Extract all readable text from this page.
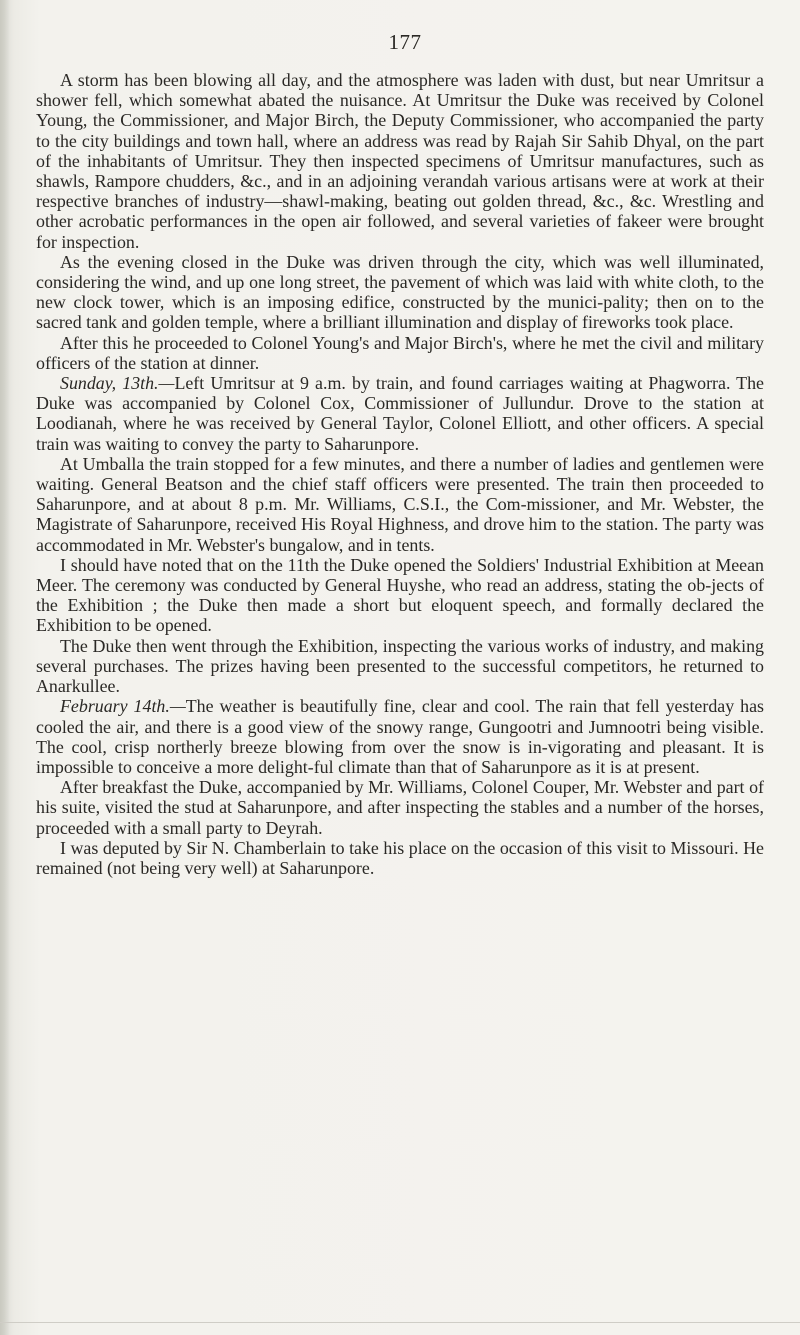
177

A storm has been blowing all day, and the atmosphere was laden with dust, but near Umritsur a shower fell, which somewhat abated the nuisance. At Umritsur the Duke was received by Colonel Young, the Commissioner, and Major Birch, the Deputy Commissioner, who accompanied the party to the city buildings and town hall, where an address was read by Rajah Sir Sahib Dhyal, on the part of the inhabitants of Umritsur. They then inspected specimens of Umritsur manufactures, such as shawls, Rampore chudders, &c., and in an adjoining verandah various artisans were at work at their respective branches of industry—shawl-making, beating out golden thread, &c., &c. Wrestling and other acrobatic performances in the open air followed, and several varieties of fakeer were brought for inspection.

As the evening closed in the Duke was driven through the city, which was well illuminated, considering the wind, and up one long street, the pavement of which was laid with white cloth, to the new clock tower, which is an imposing edifice, constructed by the munici-pality; then on to the sacred tank and golden temple, where a brilliant illumination and display of fireworks took place.

After this he proceeded to Colonel Young's and Major Birch's, where he met the civil and military officers of the station at dinner.

Sunday, 13th.—Left Umritsur at 9 a.m. by train, and found carriages waiting at Phagworra. The Duke was accompanied by Colonel Cox, Commissioner of Jullundur. Drove to the station at Loodianah, where he was received by General Taylor, Colonel Elliott, and other officers. A special train was waiting to convey the party to Saharunpore.

At Umballa the train stopped for a few minutes, and there a number of ladies and gentlemen were waiting. General Beatson and the chief staff officers were presented. The train then proceeded to Saharunpore, and at about 8 p.m. Mr. Williams, C.S.I., the Com-missioner, and Mr. Webster, the Magistrate of Saharunpore, received His Royal Highness, and drove him to the station. The party was accommodated in Mr. Webster's bungalow, and in tents.

I should have noted that on the 11th the Duke opened the Soldiers' Industrial Exhibition at Meean Meer. The ceremony was conducted by General Huyshe, who read an address, stating the ob-jects of the Exhibition ; the Duke then made a short but eloquent speech, and formally declared the Exhibition to be opened.

The Duke then went through the Exhibition, inspecting the various works of industry, and making several purchases. The prizes having been presented to the successful competitors, he returned to Anarkullee.

February 14th.—The weather is beautifully fine, clear and cool. The rain that fell yesterday has cooled the air, and there is a good view of the snowy range, Gungootri and Jumnootri being visible. The cool, crisp northerly breeze blowing from over the snow is in-vigorating and pleasant. It is impossible to conceive a more delight-ful climate than that of Saharunpore as it is at present.

After breakfast the Duke, accompanied by Mr. Williams, Colonel Couper, Mr. Webster and part of his suite, visited the stud at Saharunpore, and after inspecting the stables and a number of the horses, proceeded with a small party to Deyrah.

I was deputed by Sir N. Chamberlain to take his place on the occasion of this visit to Missouri. He remained (not being very well) at Saharunpore.
